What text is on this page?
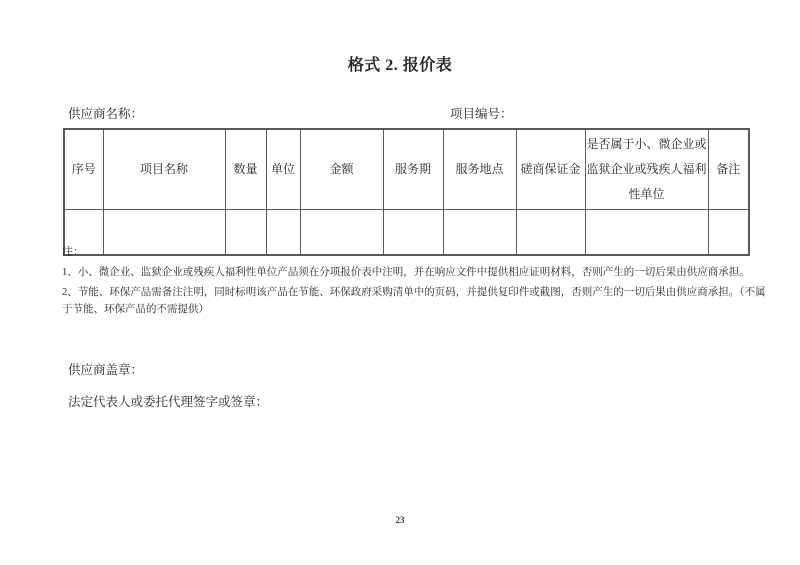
格式 2. 报价表
供应商名称：	项目编号：
序号	项目名称	数量	单位	金额	服务期	服务地点	磋商保证金	是否属于小、微企业或监狱企业或残疾人福利性单位	备注

注：
1、小、微企业、监狱企业或残疾人福利性单位产品须在分项报价表中注明，并在响应文件中提供相应证明材料，否则产生的一切后果由供应商承担。
2、节能、环保产品需备注注明，同时标明该产品在节能、环保政府采购清单中的页码，并提供复印件或截图，否则产生的一切后果由供应商承担。（不属于节能、环保产品的不需提供）
供应商盖章：
法定代表人或委托代理签字或签章：
23
